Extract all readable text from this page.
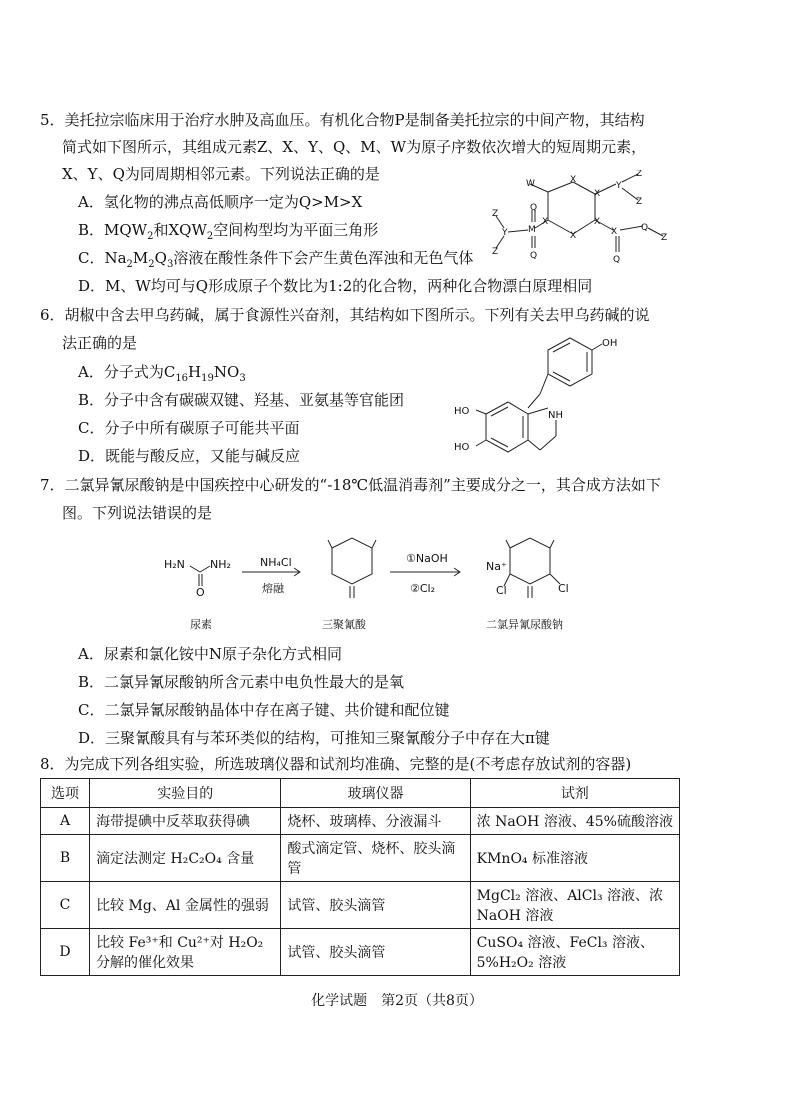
5．美托拉宗临床用于治疗水肿及高血压。有机化合物P是制备美托拉宗的中间产物，其结构
简式如下图所示，其组成元素Z、X、Y、Q、M、W为原子序数依次增大的短周期元素，
X、Y、Q为同周期相邻元素。下列说法正确的是
A．氢化物的沸点高低顺序一定为Q>M>X
B．$MQW_2$和$XQW_2$空间构型均为平面三角形
C．$Na_2M_2Q_3$溶液在酸性条件下会产生黄色浑浊和无色气体
D．M、W均可与Q形成原子个数比为1:2的化合物，两种化合物漂白原理相同
W	X
X
Y
Z
Z
Z
Y
Z
M
X
X
X
X
Q
Q
Q
Z
Q
6．胡椒中含去甲乌药碱，属于食源性兴奋剂，其结构如下图所示。下列有关去甲乌药碱的说
法正确的是
A．分子式为$C_{16}H_{19}NO_3$
B．分子中含有碳碳双键、羟基、亚氨基等官能团
C．分子中所有碳原子可能共平面
D．既能与酸反应，又能与碱反应
OH
HO
HO
NH
7．二氯异氰尿酸钠是中国疾控中心研发的“-18℃低温消毒剂”主要成分之一，其合成方法如下
图。下列说法错误的是
H₂N NH₂
O
尿素
NH₄Cl
熔融
三聚氰酸
①NaOH
②Cl₂
Na⁺
Cl	Cl
二氯异氰尿酸钠
A．尿素和氯化铵中N原子杂化方式相同
B．二氯异氰尿酸钠所含元素中电负性最大的是氧
C．二氯异氰尿酸钠晶体中存在离子键、共价键和配位键
D．三聚氰酸具有与苯环类似的结构，可推知三聚氰酸分子中存在大π键
8．为完成下列各组实验，所选玻璃仪器和试剂均准确、完整的是(不考虑存放试剂的容器)
选项	实验目的	玻璃仪器	试剂
A	海带提碘中反萃取获得碘	烧杯、玻璃棒、分液漏斗	浓 NaOH 溶液、45%硫酸溶液
B	滴定法测定 H₂C₂O₄ 含量	酸式滴定管、烧杯、胶头滴管	KMnO₄ 标准溶液
C	比较 Mg、Al 金属性的强弱	试管、胶头滴管	MgCl₂ 溶液、AlCl₃ 溶液、浓 NaOH 溶液
D	比较 Fe³⁺和 Cu²⁺对 H₂O₂ 分解的催化效果	试管、胶头滴管	CuSO₄ 溶液、FeCl₃ 溶液、5%H₂O₂ 溶液
化学试题　第2页（共8页）
